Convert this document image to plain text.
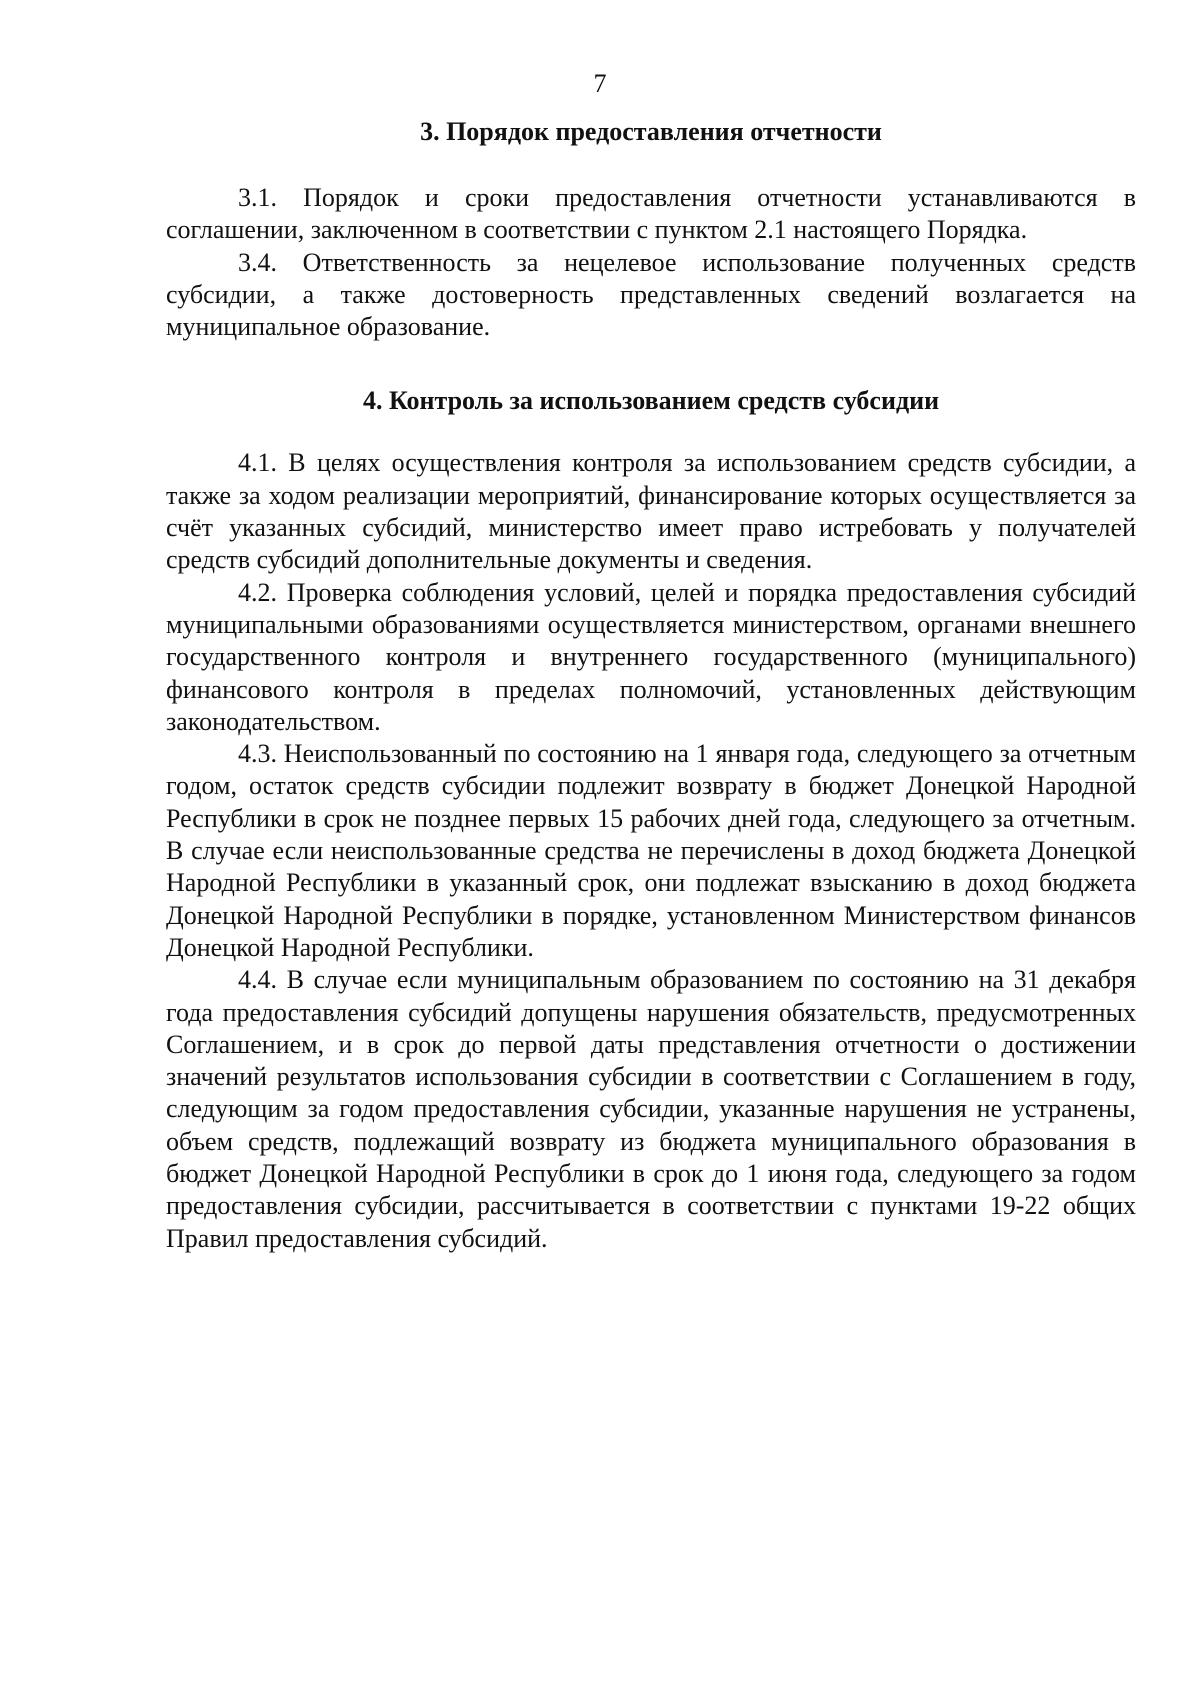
7
3. Порядок предоставления отчетности

3.1. Порядок и сроки предоставления отчетности устанавливаются в соглашении, заключенном в соответствии с пунктом 2.1 настоящего Порядка.

3.4. Ответственность за нецелевое использование полученных средств субсидии, а также достоверность представленных сведений возлагается на муниципальное образование.

4. Контроль за использованием средств субсидии

4.1. В целях осуществления контроля за использованием средств субсидии, а также за ходом реализации мероприятий, финансирование которых осуществляется за счёт указанных субсидий, министерство имеет право истребовать у получателей средств субсидий дополнительные документы и сведения.

4.2. Проверка соблюдения условий, целей и порядка предоставления субсидий муниципальными образованиями осуществляется министерством, органами внешнего государственного контроля и внутреннего государственного (муниципального) финансового контроля в пределах полномочий, установленных действующим законодательством.

4.3. Неиспользованный по состоянию на 1 января года, следующего за отчетным годом, остаток средств субсидии подлежит возврату в бюджет Донецкой Народной Республики в срок не позднее первых 15 рабочих дней года, следующего за отчетным. В случае если неиспользованные средства не перечислены в доход бюджета Донецкой Народной Республики в указанный срок, они подлежат взысканию в доход бюджета Донецкой Народной Республики в порядке, установленном Министерством финансов Донецкой Народной Республики.

4.4. В случае если муниципальным образованием по состоянию на 31 декабря года предоставления субсидий допущены нарушения обязательств, предусмотренных Соглашением, и в срок до первой даты представления отчетности о достижении значений результатов использования субсидии в соответствии с Соглашением в году, следующим за годом предоставления субсидии, указанные нарушения не устранены, объем средств, подлежащий возврату из бюджета муниципального образования в бюджет Донецкой Народной Республики в срок до 1 июня года, следующего за годом предоставления субсидии, рассчитывается в соответствии с пунктами 19-22 общих Правил предоставления субсидий.
